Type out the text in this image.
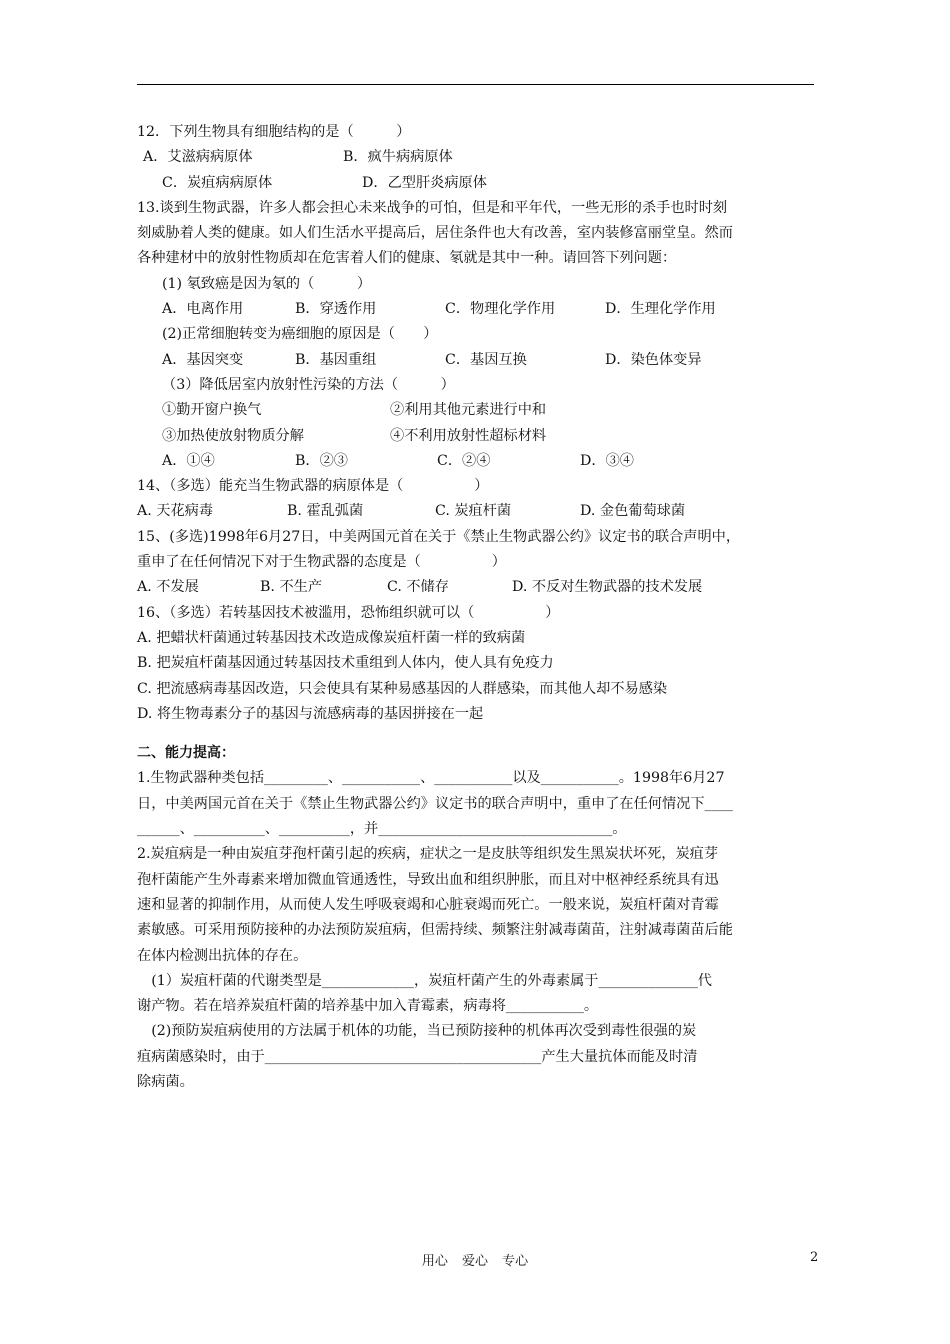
12．下列生物具有细胞结构的是（　　　）
A．艾滋病病原体	B．疯牛病病原体
C．炭疽病病原体	D．乙型肝炎病原体
13.谈到生物武器，许多人都会担心未来战争的可怕，但是和平年代，一些无形的杀手也时时刻
刻威胁着人类的健康。如人们生活水平提高后，居住条件也大有改善，室内装修富丽堂皇。然而
各种建材中的放射性物质却在危害着人们的健康、氡就是其中一种。请回答下列问题：
(1) 氡致癌是因为氡的（　　　）
A．电离作用	B．穿透作用	C．物理化学作用	D．生理化学作用
(2)正常细胞转变为癌细胞的原因是（　　）
A．基因突变	B．基因重组	C．基因互换	D．染色体变异
（3）降低居室内放射性污染的方法（　　　）
①勤开窗户换气	②利用其他元素进行中和
③加热使放射物质分解	④不利用放射性超标材料
A．①④	B．②③	C．②④	D．③④
14、（多选）能充当生物武器的病原体是（　　　　　）
A. 天花病毒	B. 霍乱弧菌	C. 炭疽杆菌	D. 金色葡萄球菌
15、(多选)1998年6月27日，中美两国元首在关于《禁止生物武器公约》议定书的联合声明中，
重申了在任何情况下对于生物武器的态度是（　　　　　）
A. 不发展	B. 不生产	C. 不储存	D. 不反对生物武器的技术发展
16、（多选）若转基因技术被滥用，恐怖组织就可以（　　　　　）
A. 把蜡状杆菌通过转基因技术改造成像炭疽杆菌一样的致病菌
B. 把炭疽杆菌基因通过转基因技术重组到人体内，使人具有免疫力
C. 把流感病毒基因改造，只会使具有某种易感基因的人群感染，而其他人却不易感染
D. 将生物毒素分子的基因与流感病毒的基因拼接在一起
二、能力提高：
1.生物武器种类包括_________、___________、___________以及___________。1998年6月27
日，中美两国元首在关于《禁止生物武器公约》议定书的联合声明中，重申了在任何情况下____
______、__________、__________，并_________________________________。
2.炭疽病是一种由炭疽芽孢杆菌引起的疾病，症状之一是皮肤等组织发生黑炭状坏死，炭疽芽
孢杆菌能产生外毒素来增加微血管通透性，导致出血和组织肿胀，而且对中枢神经系统具有迅
速和显著的抑制作用，从而使人发生呼吸衰竭和心脏衰竭而死亡。一般来说，炭疽杆菌对青霉
素敏感。可采用预防接种的办法预防炭疽病，但需持续、频繁注射减毒菌苗，注射减毒菌苗后能
在体内检测出抗体的存在。
　(1）炭疽杆菌的代谢类型是_____________，炭疽杆菌产生的外毒素属于______________代
谢产物。若在培养炭疽杆菌的培养基中加入青霉素，病毒将___________。
　(2)预防炭疽病使用的方法属于机体的功能，当已预防接种的机体再次受到毒性很强的炭
疽病菌感染时，由于_______________________________________产生大量抗体而能及时清
除病菌。
用心 爱心 专心	2
